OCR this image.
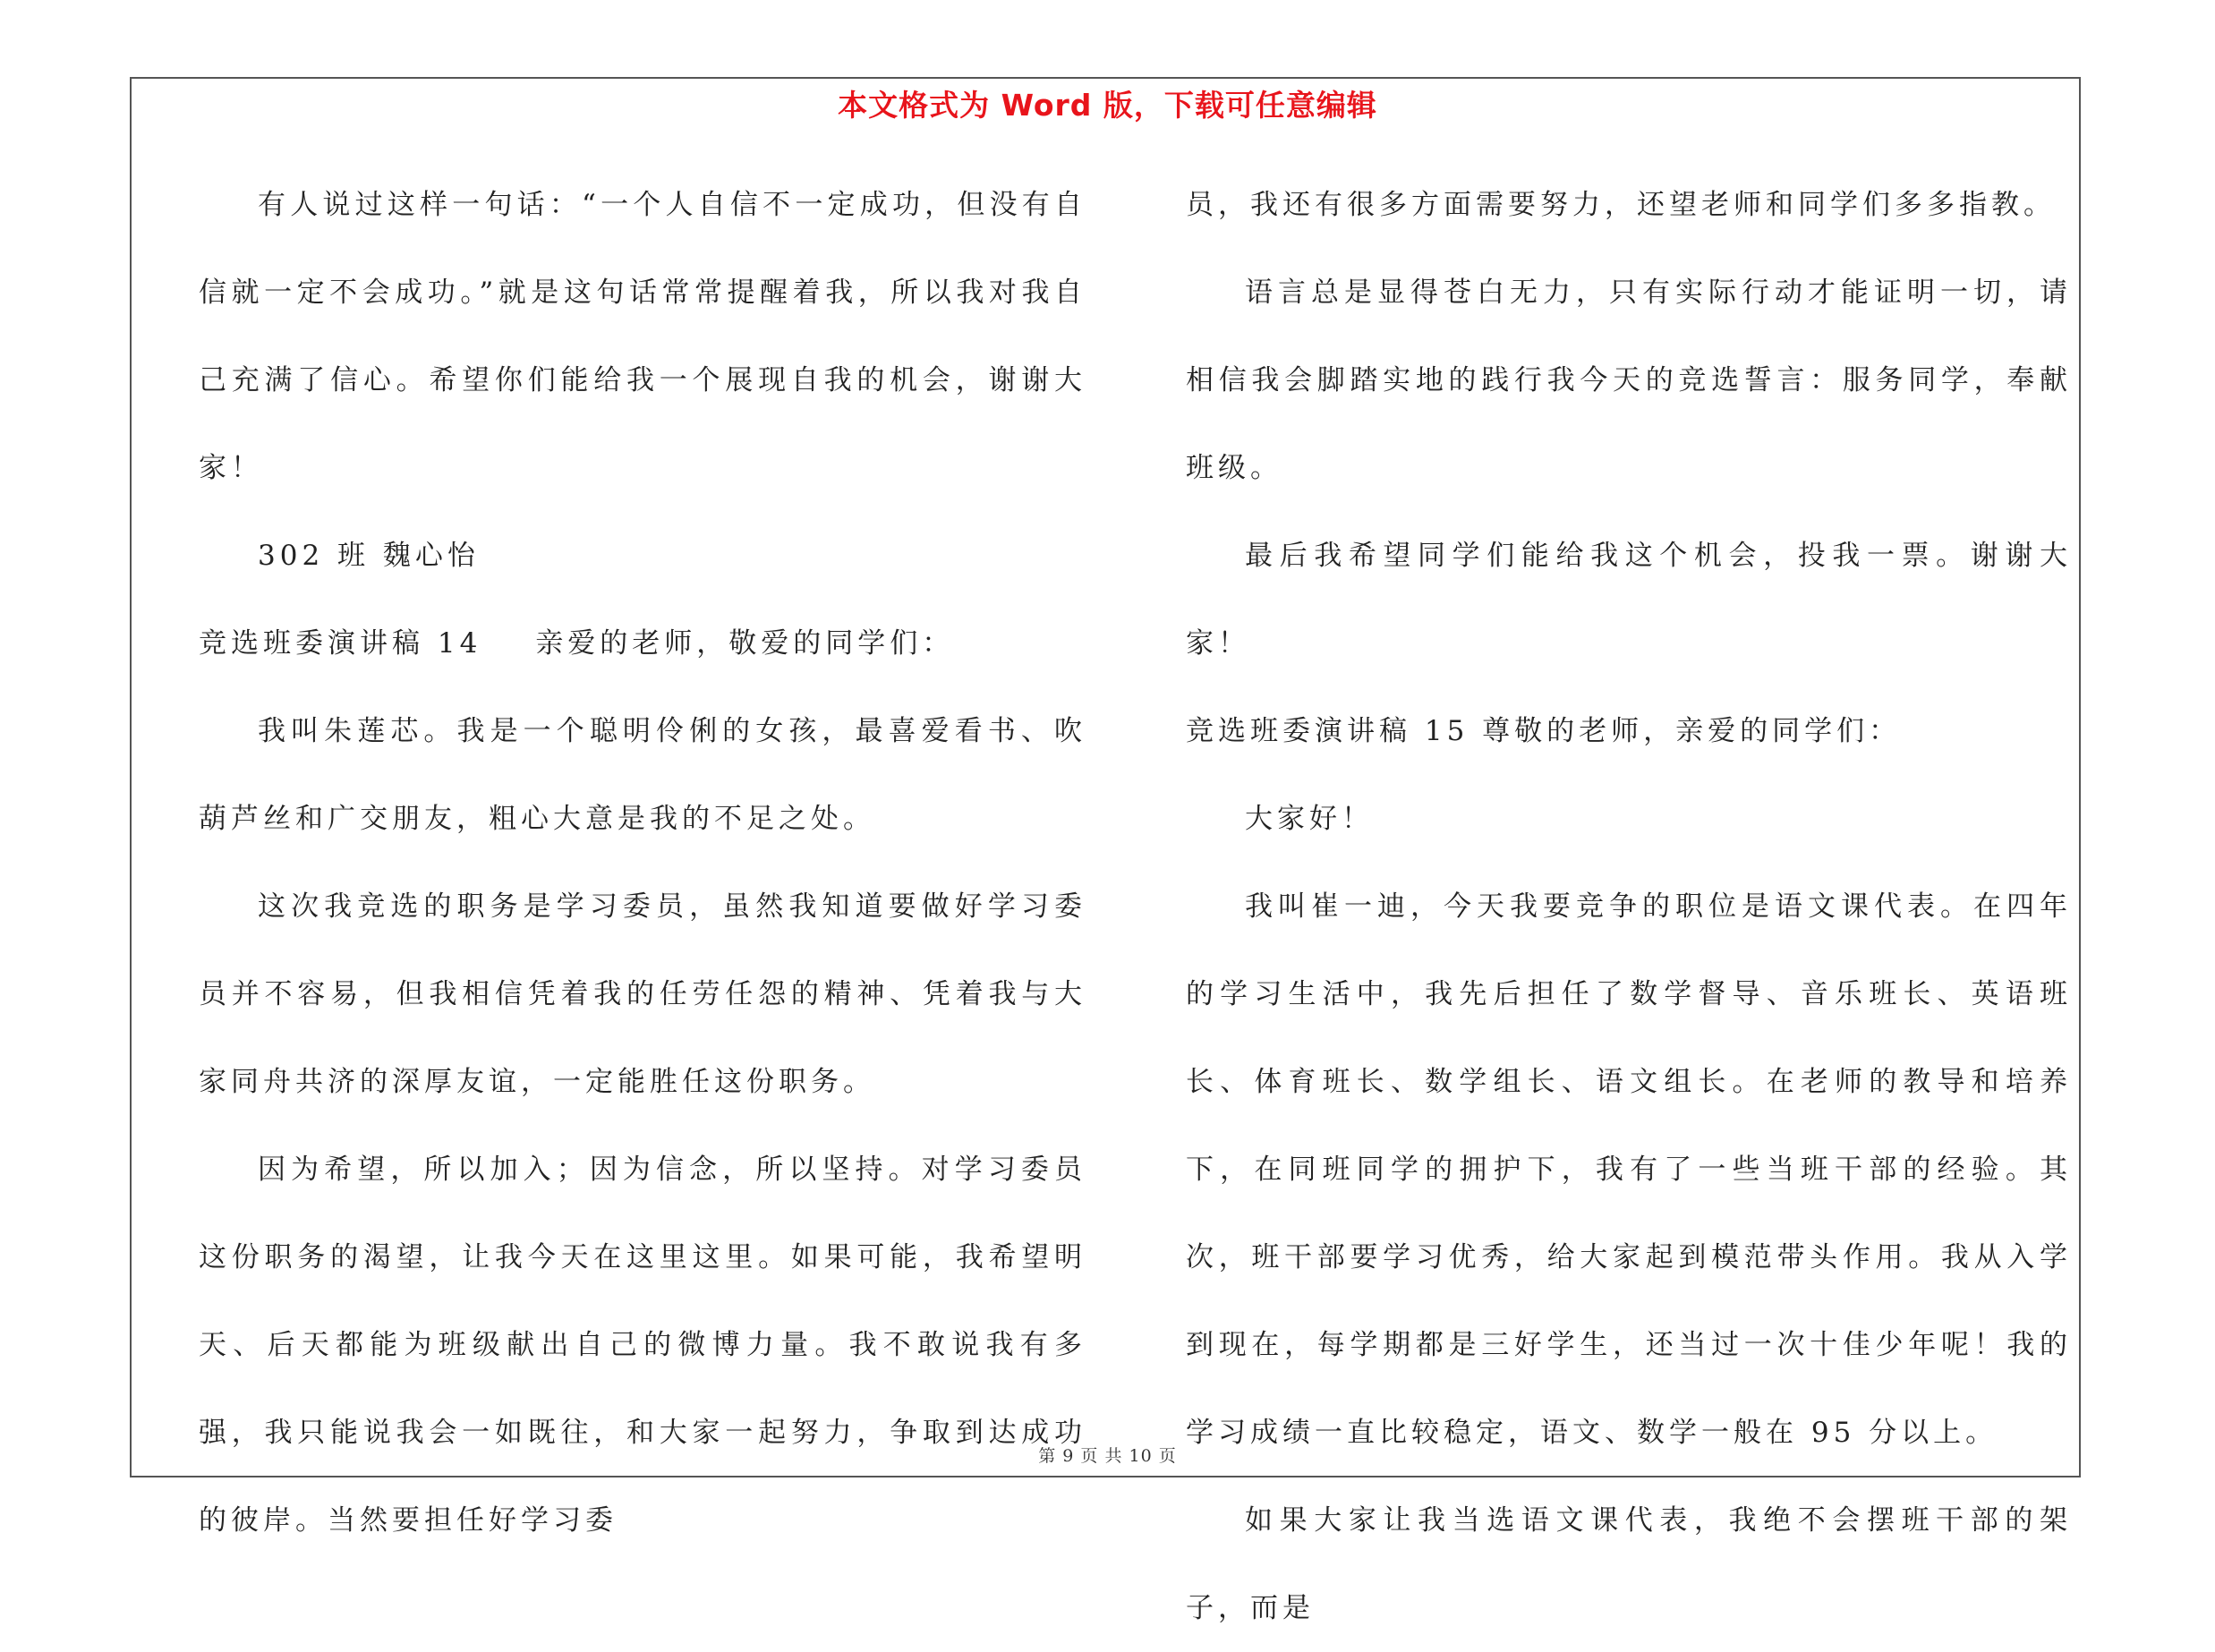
本文格式为 Word 版，下载可任意编辑

有人说过这样一句话：“一个人自信不一定成功，但没有自信就一定不会成功。”就是这句话常常提醒着我，所以我对我自己充满了信心。希望你们能给我一个展现自我的机会，谢谢大家！

302 班 魏心怡

竞选班委演讲稿 14 亲爱的老师，敬爱的同学们：

我叫朱莲芯。我是一个聪明伶俐的女孩，最喜爱看书、吹葫芦丝和广交朋友，粗心大意是我的不足之处。

这次我竞选的职务是学习委员，虽然我知道要做好学习委员并不容易，但我相信凭着我的任劳任怨的精神、凭着我与大家同舟共济的深厚友谊，一定能胜任这份职务。

因为希望，所以加入；因为信念，所以坚持。对学习委员这份职务的渴望，让我今天在这里这里。如果可能，我希望明天、后天都能为班级献出自己的微博力量。我不敢说我有多强，我只能说我会一如既往，和大家一起努力，争取到达成功的彼岸。当然要担任好学习委

员，我还有很多方面需要努力，还望老师和同学们多多指教。

语言总是显得苍白无力，只有实际行动才能证明一切，请相信我会脚踏实地的践行我今天的竞选誓言：服务同学，奉献班级。

最后我希望同学们能给我这个机会，投我一票。谢谢大家！

竞选班委演讲稿 15 尊敬的老师，亲爱的同学们：

大家好！

我叫崔一迪，今天我要竞争的职位是语文课代表。在四年的学习生活中，我先后担任了数学督导、音乐班长、英语班长、体育班长、数学组长、语文组长。在老师的教导和培养下，在同班同学的拥护下，我有了一些当班干部的经验。其次，班干部要学习优秀，给大家起到模范带头作用。我从入学到现在，每学期都是三好学生，还当过一次十佳少年呢！我的学习成绩一直比较稳定，语文、数学一般在 95 分以上。

如果大家让我当选语文课代表，我绝不会摆班干部的架子，而是

第 9 页 共 10 页
